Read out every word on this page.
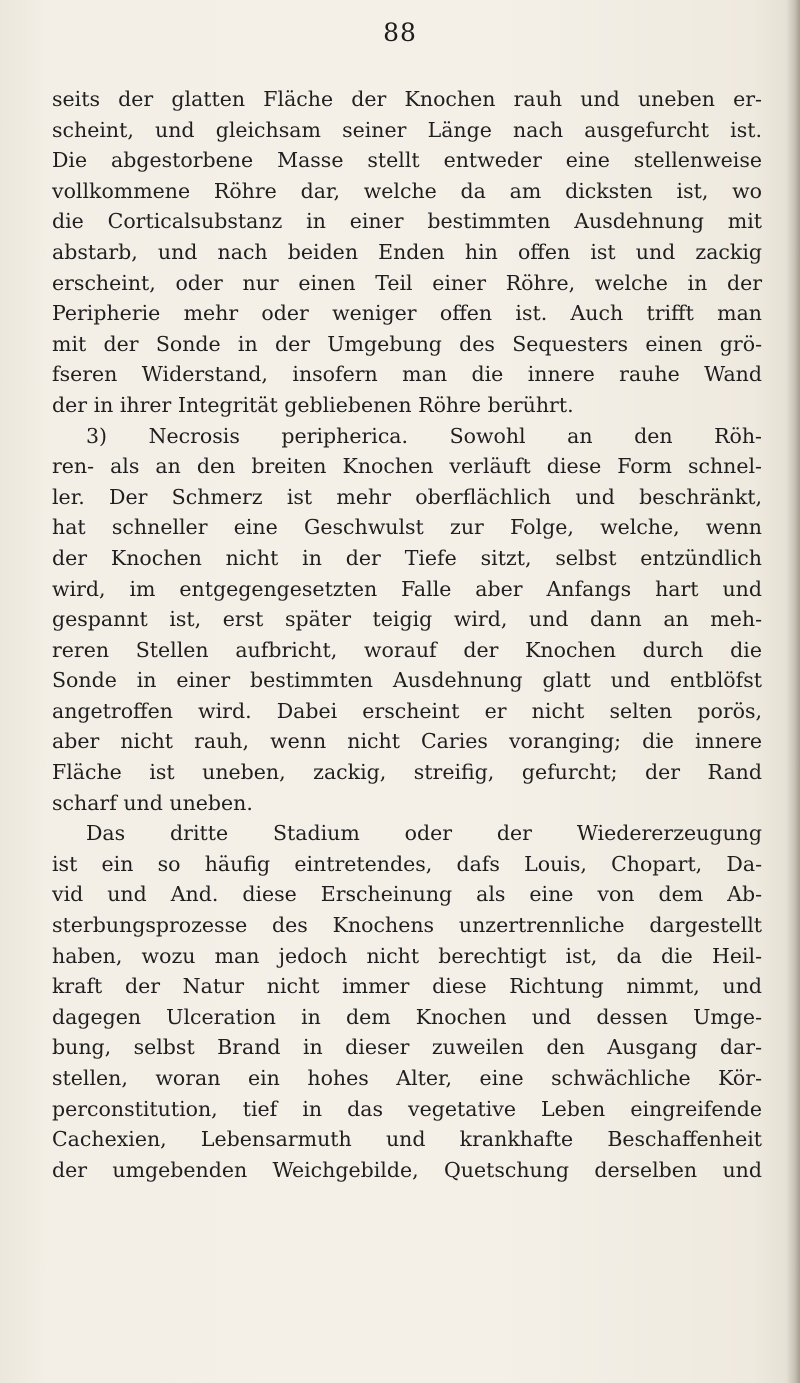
88
seits der glatten Fläche der Knochen rauh und uneben er-
scheint, und gleichsam seiner Länge nach ausgefurcht ist.
Die abgestorbene Masse stellt entweder eine stellenweise
vollkommene Röhre dar, welche da am dicksten ist, wo
die Corticalsubstanz in einer bestimmten Ausdehnung mit
abstarb, und nach beiden Enden hin offen ist und zackig
erscheint, oder nur einen Teil einer Röhre, welche in der
Peripherie mehr oder weniger offen ist. Auch trifft man
mit der Sonde in der Umgebung des Sequesters einen grö-
fseren Widerstand, insofern man die innere rauhe Wand
der in ihrer Integrität gebliebenen Röhre berührt.
3) Necrosis peripherica. Sowohl an den Röh-
ren- als an den breiten Knochen verläuft diese Form schnel-
ler. Der Schmerz ist mehr oberflächlich und beschränkt,
hat schneller eine Geschwulst zur Folge, welche, wenn
der Knochen nicht in der Tiefe sitzt, selbst entzündlich
wird, im entgegengesetzten Falle aber Anfangs hart und
gespannt ist, erst später teigig wird, und dann an meh-
reren Stellen aufbricht, worauf der Knochen durch die
Sonde in einer bestimmten Ausdehnung glatt und entblöfst
angetroffen wird. Dabei erscheint er nicht selten porös,
aber nicht rauh, wenn nicht Caries voranging; die innere
Fläche ist uneben, zackig, streifig, gefurcht; der Rand
scharf und uneben.
Das dritte Stadium oder der Wiedererzeugung
ist ein so häufig eintretendes, dafs Louis, Chopart, Da-
vid und And. diese Erscheinung als eine von dem Ab-
sterbungsprozesse des Knochens unzertrennliche dargestellt
haben, wozu man jedoch nicht berechtigt ist, da die Heil-
kraft der Natur nicht immer diese Richtung nimmt, und
dagegen Ulceration in dem Knochen und dessen Umge-
bung, selbst Brand in dieser zuweilen den Ausgang dar-
stellen, woran ein hohes Alter, eine schwächliche Kör-
perconstitution, tief in das vegetative Leben eingreifende
Cachexien, Lebensarmuth und krankhafte Beschaffenheit
der umgebenden Weichgebilde, Quetschung derselben und
